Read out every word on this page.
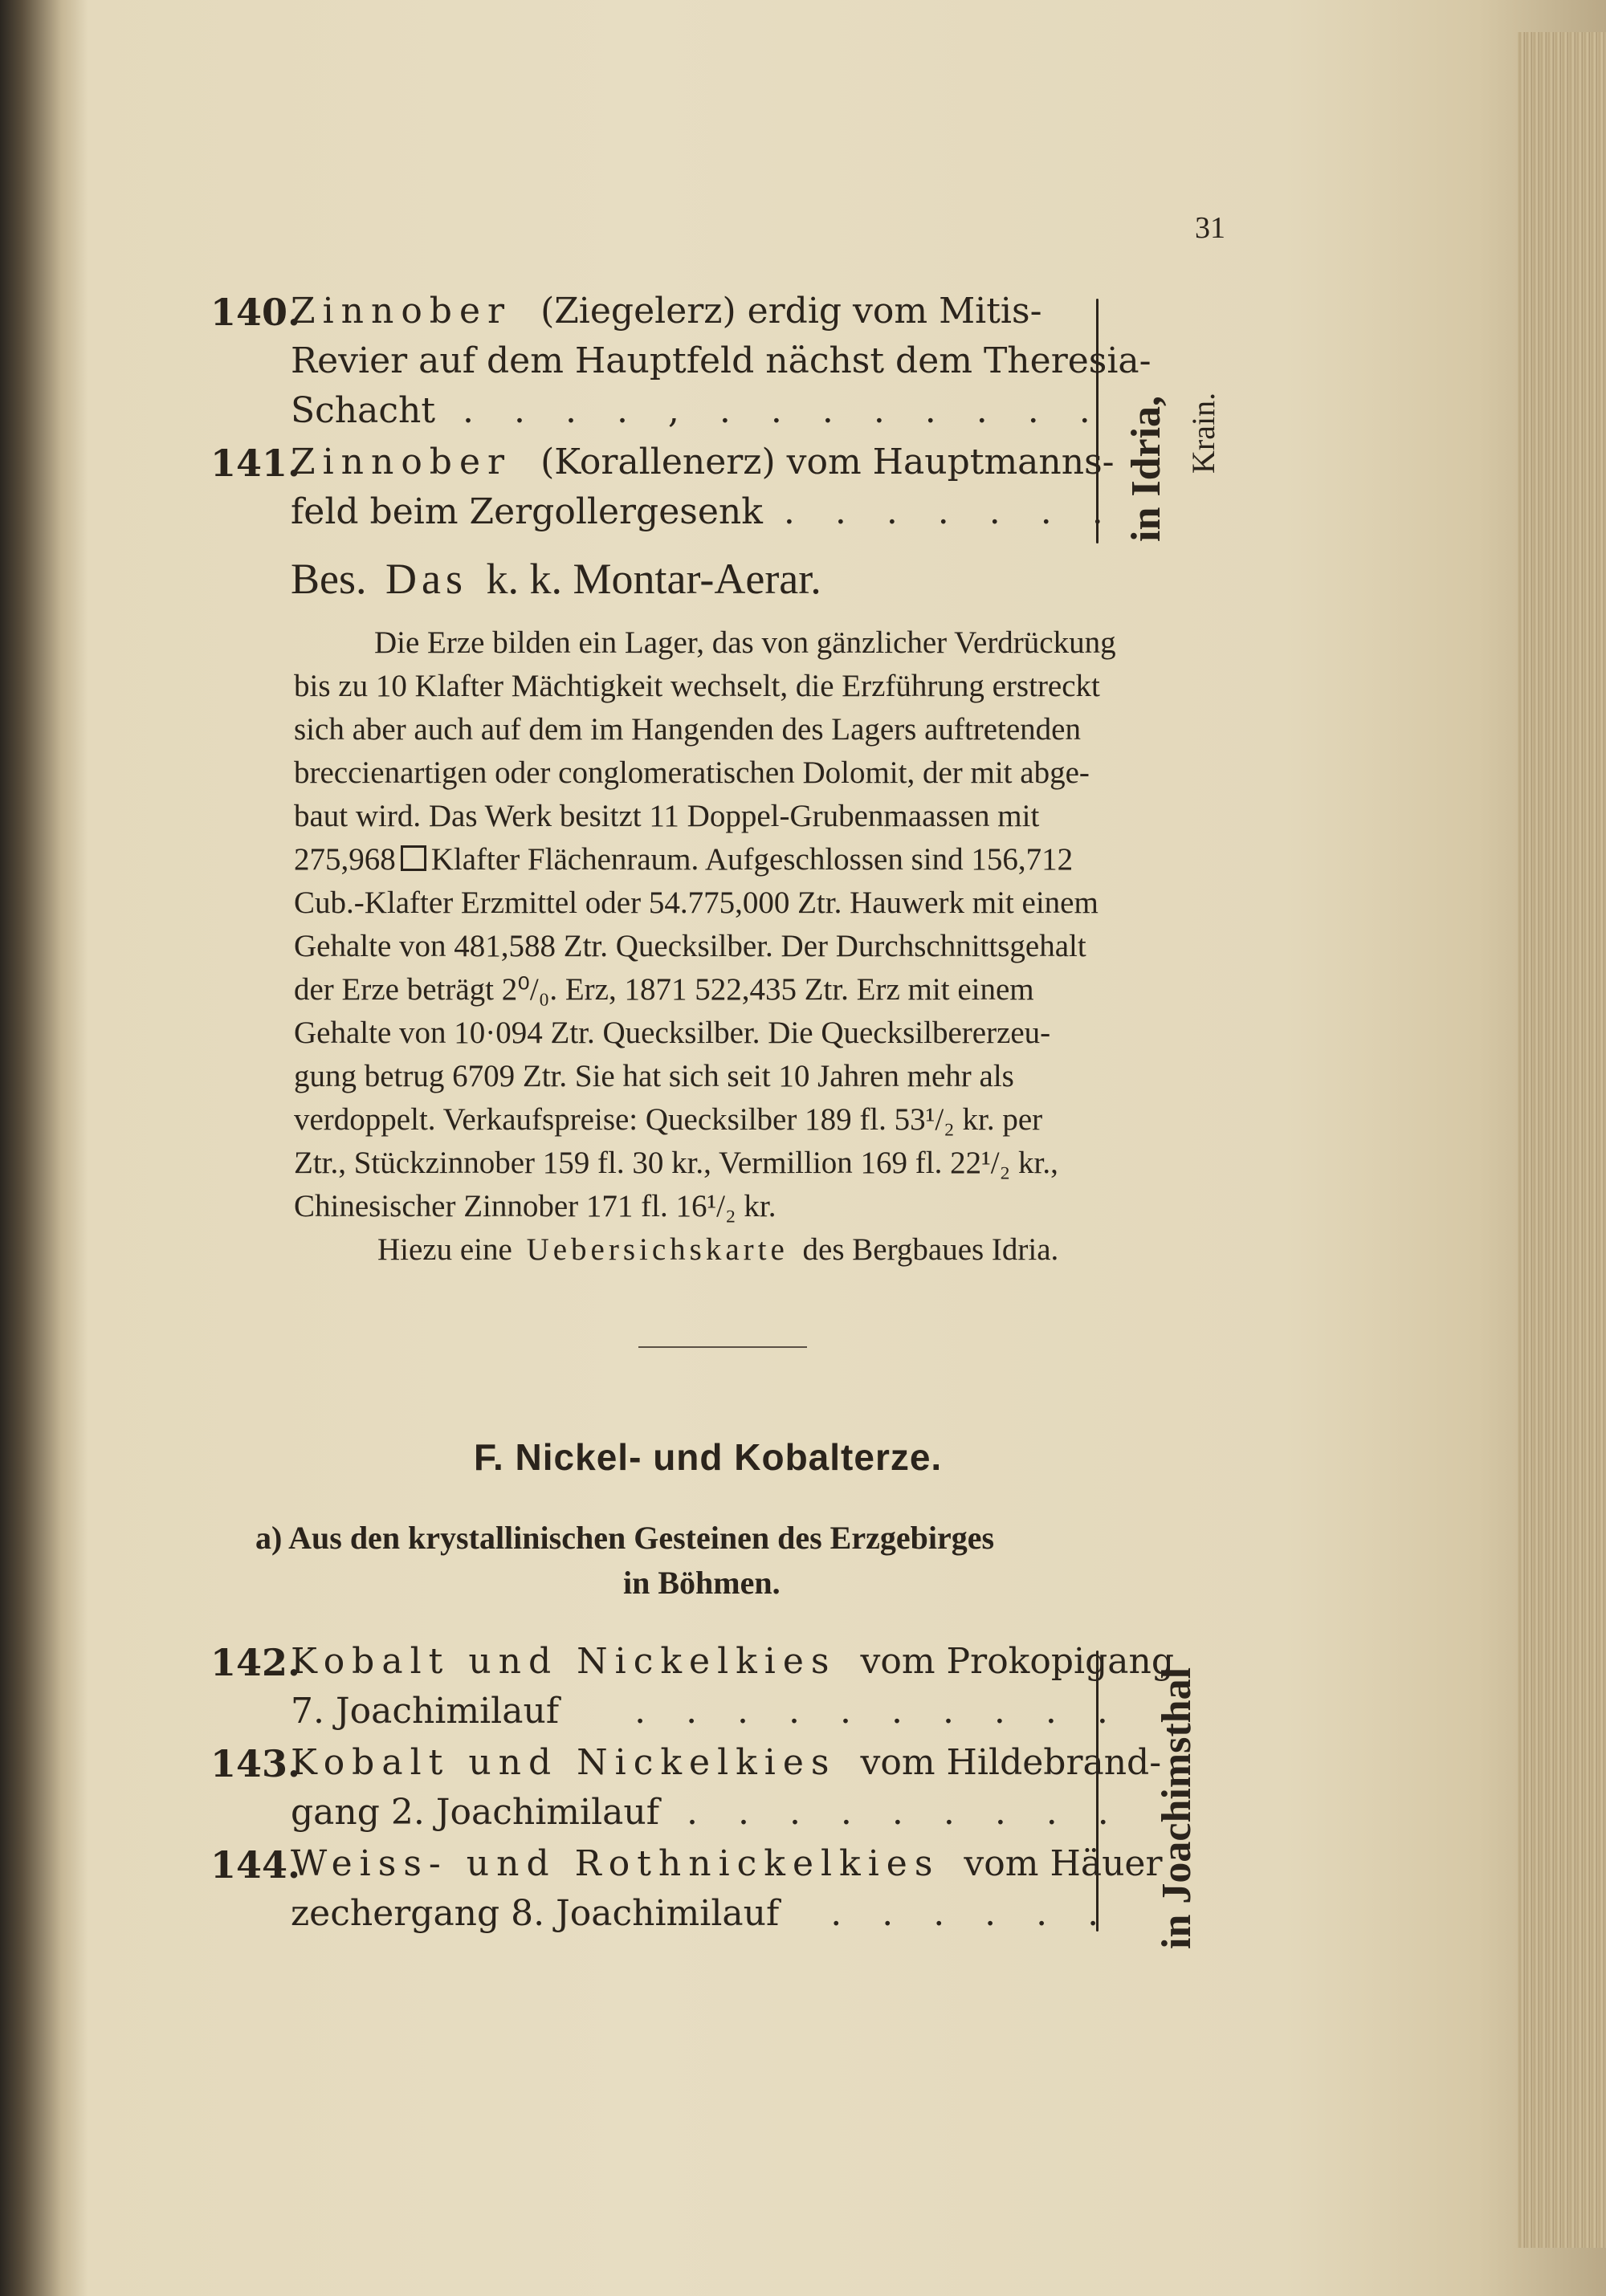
31
140.
Zinnober (Ziegelerz) erdig vom Mitis-
Revier auf dem Hauptfeld nächst dem Theresia-
Schacht . . . . , . . . . . . . .
141.
Zinnober (Korallenerz) vom Hauptmanns-
feld beim Zergollergesenk . . . . . . . in Idria, Krain.
Bes. Das k. k. Montar-Aerar.
Die Erze bilden ein Lager, das von gänzlicher Verdrückung
bis zu 10 Klafter Mächtigkeit wechselt, die Erzführung erstreckt
sich aber auch auf dem im Hangenden des Lagers auftretenden
breccienartigen oder conglomeratischen Dolomit, der mit abge-
baut wird. Das Werk besitzt 11 Doppel-Grubenmaassen mit
275,968 Klafter Flächenraum. Aufgeschlossen sind 156,712
Cub.-Klafter Erzmittel oder 54.775,000 Ztr. Hauwerk mit einem
Gehalte von 481,588 Ztr. Quecksilber. Der Durchschnittsgehalt
der Erze beträgt 2⁰/₀. Erz, 1871 522,435 Ztr. Erz mit einem
Gehalte von 10·094 Ztr. Quecksilber. Die Quecksilbererzeu-
gung betrug 6709 Ztr. Sie hat sich seit 10 Jahren mehr als
verdoppelt. Verkaufspreise: Quecksilber 189 fl. 53¹/₂ kr. per
Ztr., Stückzinnober 159 fl. 30 kr., Vermillion 169 fl. 22¹/₂ kr.,
Chinesischer Zinnober 171 fl. 16¹/₂ kr.
Hiezu eine Uebersichskarte des Bergbaues Idria.
F. Nickel- und Kobalterze.
a) Aus den krystallinischen Gesteinen des Erzgebirges
in Böhmen.
142.
Kobalt und Nickelkies vom Prokopigang
7. Joachimilauf . . . . . . . . . .
143.
Kobalt und Nickelkies vom Hildebrand-
gang 2. Joachimilauf . . . . . . . . .
144.
Weiss- und Rothnickelkies vom Häuer
zechergang 8. Joachimilauf . . . . . . in Joachimsthal
